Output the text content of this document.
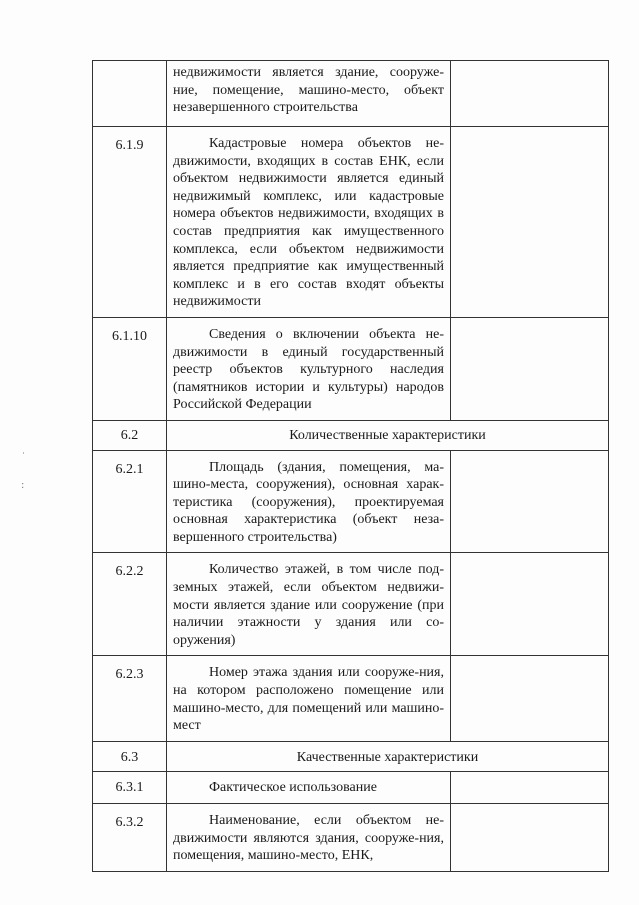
˙
:

	недвижимости является здание, сооруже-ние, помещение, машино-место, объект незавершенного строительства	

6.1.9	Кадастровые номера объектов не-движимости, входящих в состав ЕНК, если объектом недвижимости является единый недвижимый комплекс, или кадастровые номера объектов недвижимости, входящих в состав предприятия как имущественного комплекса, если объектом недвижимости является предприятие как имущественный комплекс и в его состав входят объекты недвижимости	

6.1.10	Сведения о включении объекта не-движимости в единый государственный реестр объектов культурного наследия (памятников истории и культуры) народов Российской Федерации	

6.2	Количественные характеристики	
6.2.1	Площадь (здания, помещения, ма-шино-места, сооружения), основная харак-теристика (сооружения), проектируемая основная характеристика (объект неза-вершенного строительства)	

6.2.2	Количество этажей, в том числе под-земных этажей, если объектом недвижи-мости является здание или сооружение (при наличии этажности у здания или со-оружения)	

6.2.3	Номер этажа здания или сооруже-ния, на котором расположено помещение или машино-место, для помещений или машино-мест	

6.3	Качественные характеристики	
6.3.1	Фактическое использование	

6.3.2	Наименование, если объектом не-движимости являются здания, сооруже-ния, помещения, машино-место, ЕНК,	
